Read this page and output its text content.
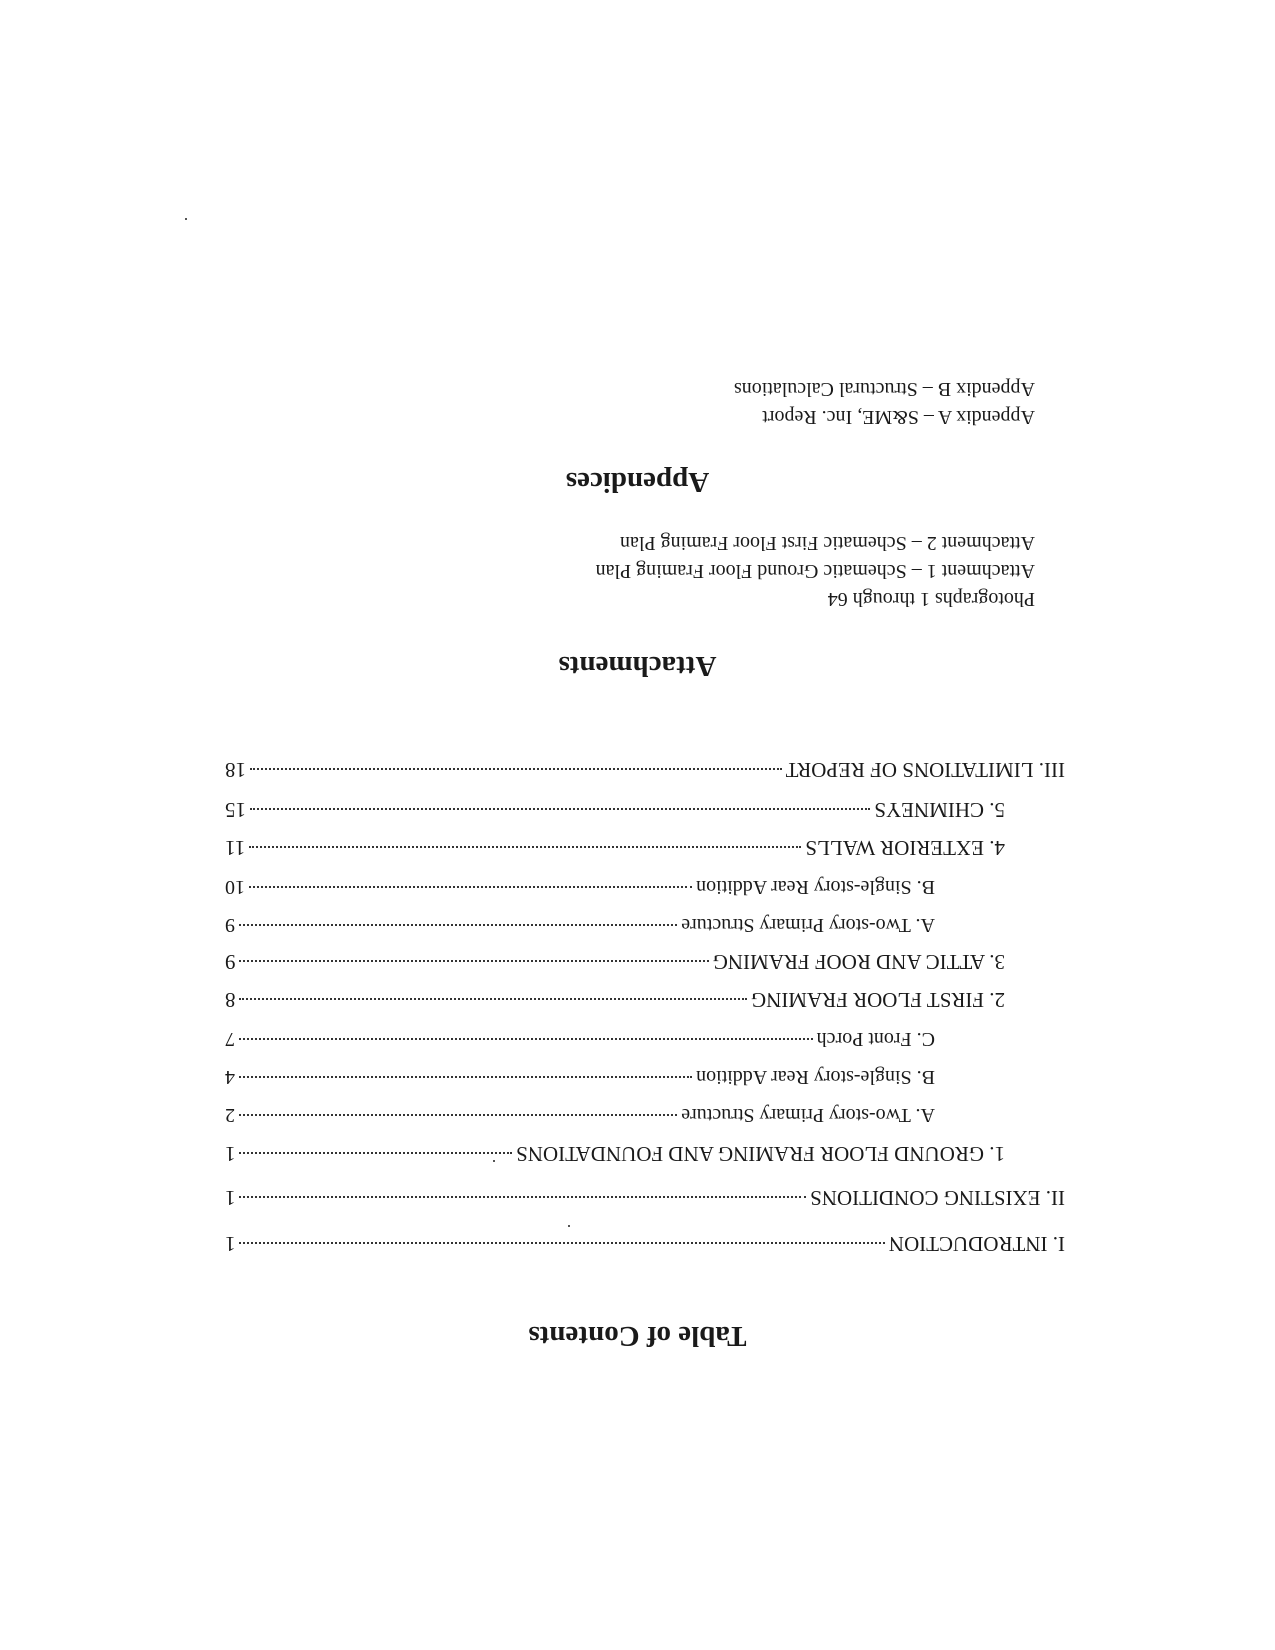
Table of Contents
I. INTRODUCTION
1
II. EXISTING CONDITIONS
1
1. GROUND FLOOR FRAMING AND FOUNDATIONS
1
A. Two-story Primary Structure
2
B. Single-story Rear Addition
4
C. Front Porch
7
2. FIRST FLOOR FRAMING
8
3. ATTIC AND ROOF FRAMING
9
A. Two-story Primary Structure
9
B. Single-story Rear Addition
10
4. EXTERIOR WALLS
11
5. CHIMNEYS
15
III. LIMITATIONS OF REPORT
18
Attachments
Photographs 1 through 64
Attachment 1 – Schematic Ground Floor Framing Plan
Attachment 2 – Schematic First Floor Framing Plan
Appendices
Appendix A – S&ME, Inc. Report
Appendix B – Structural Calculations
